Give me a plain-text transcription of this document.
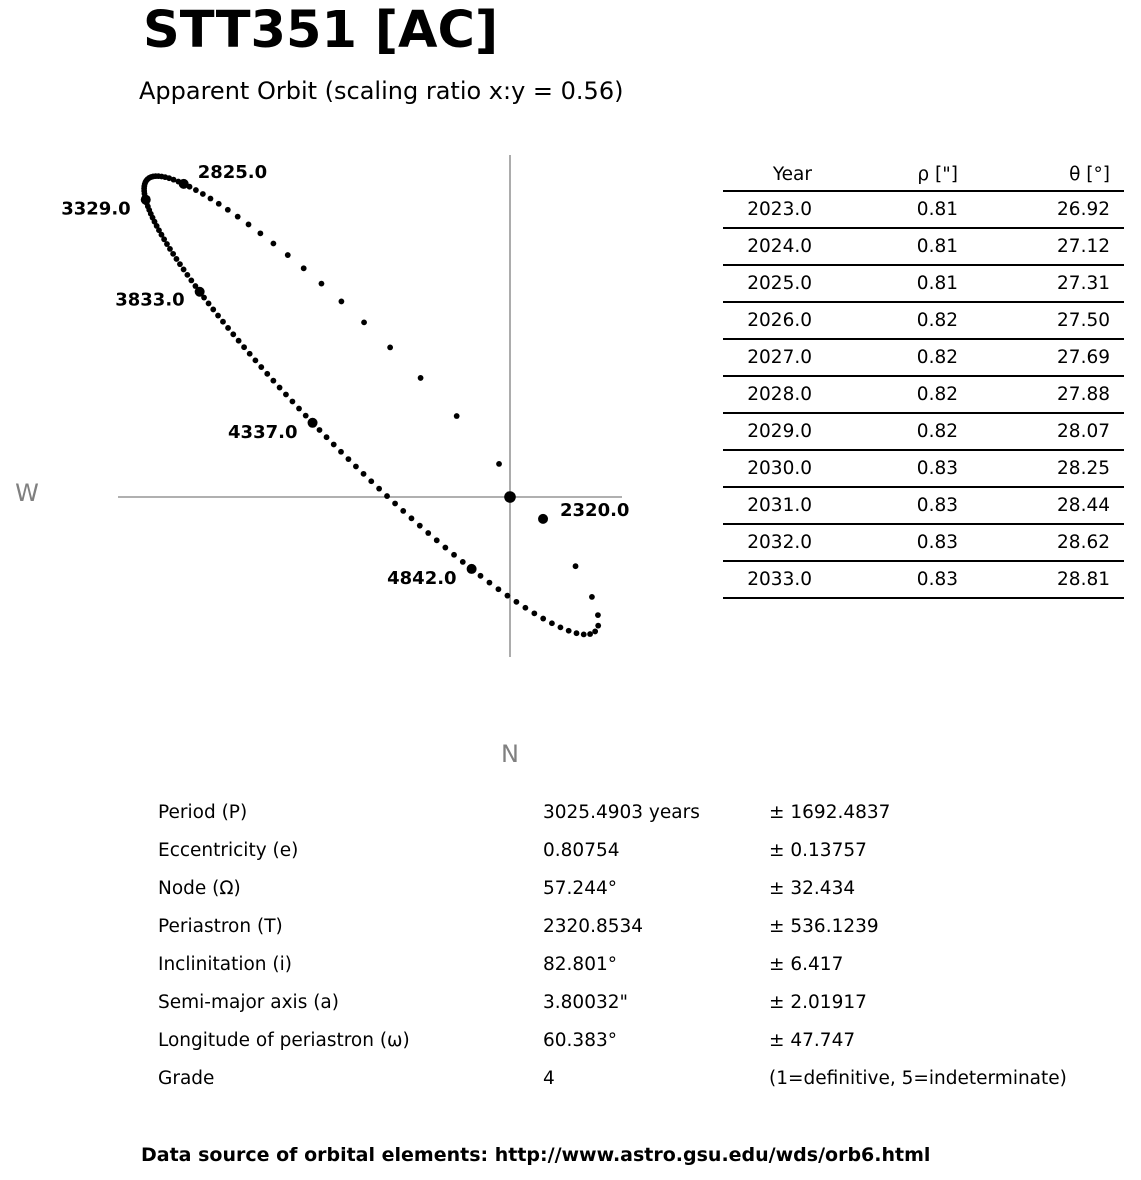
STT351 [AC]
Apparent Orbit (scaling ratio x:y = 0.56)
2320.0
2825.0
3329.0
3833.0
4337.0
4842.0
W
N
Year	ρ ["]	θ [°]
2023.0	0.81	26.92
2024.0	0.81	27.12
2025.0	0.81	27.31
2026.0	0.82	27.50
2027.0	0.82	27.69
2028.0	0.82	27.88
2029.0	0.82	28.07
2030.0	0.83	28.25
2031.0	0.83	28.44
2032.0	0.83	28.62
2033.0	0.83	28.81
Period (P)	3025.4903 years	± 1692.4837
Eccentricity (e)	0.80754	± 0.13757
Node (Ω)	57.244°	± 32.434
Periastron (T)	2320.8534	± 536.1239
Inclinitation (i)	82.801°	± 6.417
Semi-major axis (a)	3.80032"	± 2.01917
Longitude of periastron (ω)	60.383°	± 47.747
Grade	4	(1=definitive, 5=indeterminate)
Data source of orbital elements: http://www.astro.gsu.edu/wds/orb6.html
